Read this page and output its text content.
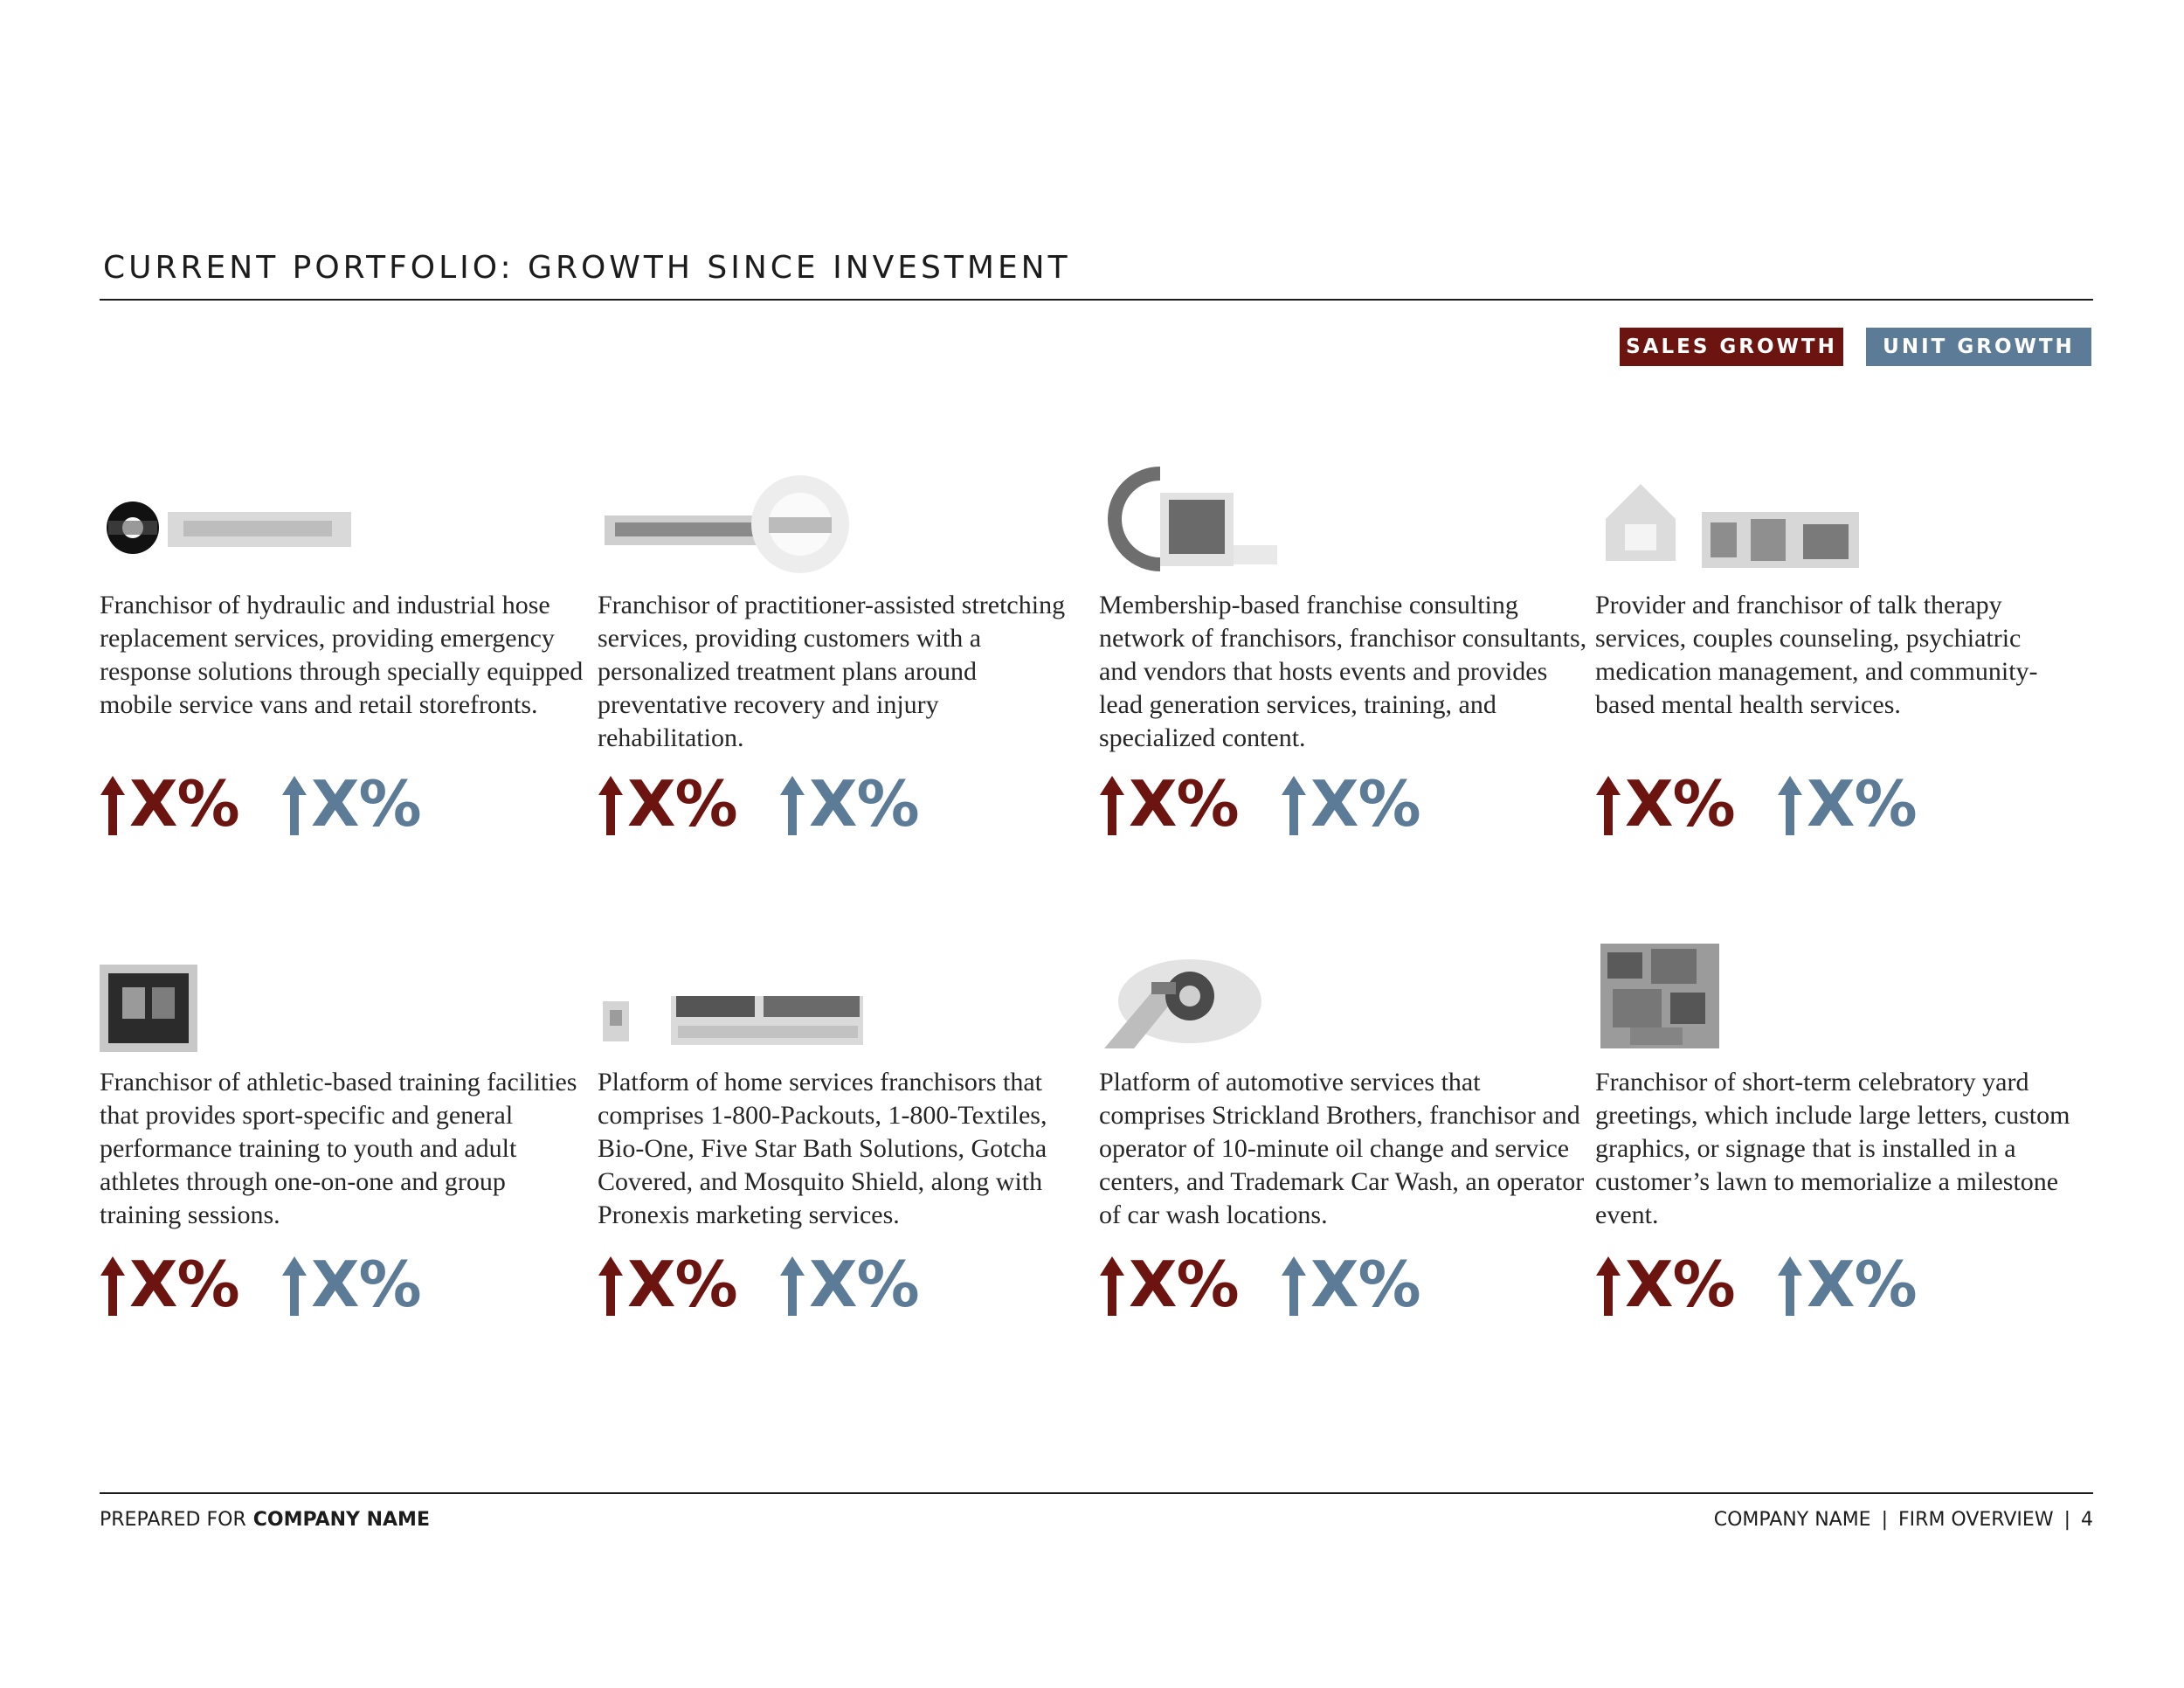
CURRENT PORTFOLIO: GROWTH SINCE INVESTMENT
SALES GROWTH	UNIT GROWTH
Franchisor of hydraulic and industrial hose replacement services, providing emergency response solutions through specially equipped mobile service vans and retail storefronts.
X% X%
Franchisor of practitioner-assisted stretching services, providing customers with a personalized treatment plans around preventative recovery and injury rehabilitation.
X% X%
Membership-based franchise consulting network of franchisors, franchisor consultants, and vendors that hosts events and provides lead generation services, training, and specialized content.
X% X%
Provider and franchisor of talk therapy services, couples counseling, psychiatric medication management, and community-based mental health services.
X% X%
Franchisor of athletic-based training facilities that provides sport-specific and general performance training to youth and adult athletes through one-on-one and group training sessions.
X% X%
Platform of home services franchisors that comprises 1-800-Packouts, 1-800-Textiles, Bio-One, Five Star Bath Solutions, Gotcha Covered, and Mosquito Shield, along with Pronexis marketing services.
X% X%
Platform of automotive services that comprises Strickland Brothers, franchisor and operator of 10-minute oil change and service centers, and Trademark Car Wash, an operator of car wash locations.
X% X%
Franchisor of short-term celebratory yard greetings, which include large letters, custom graphics, or signage that is installed in a customer’s lawn to memorialize a milestone event.
X% X%
PREPARED FOR COMPANY NAME	COMPANY NAME | FIRM OVERVIEW | 4
